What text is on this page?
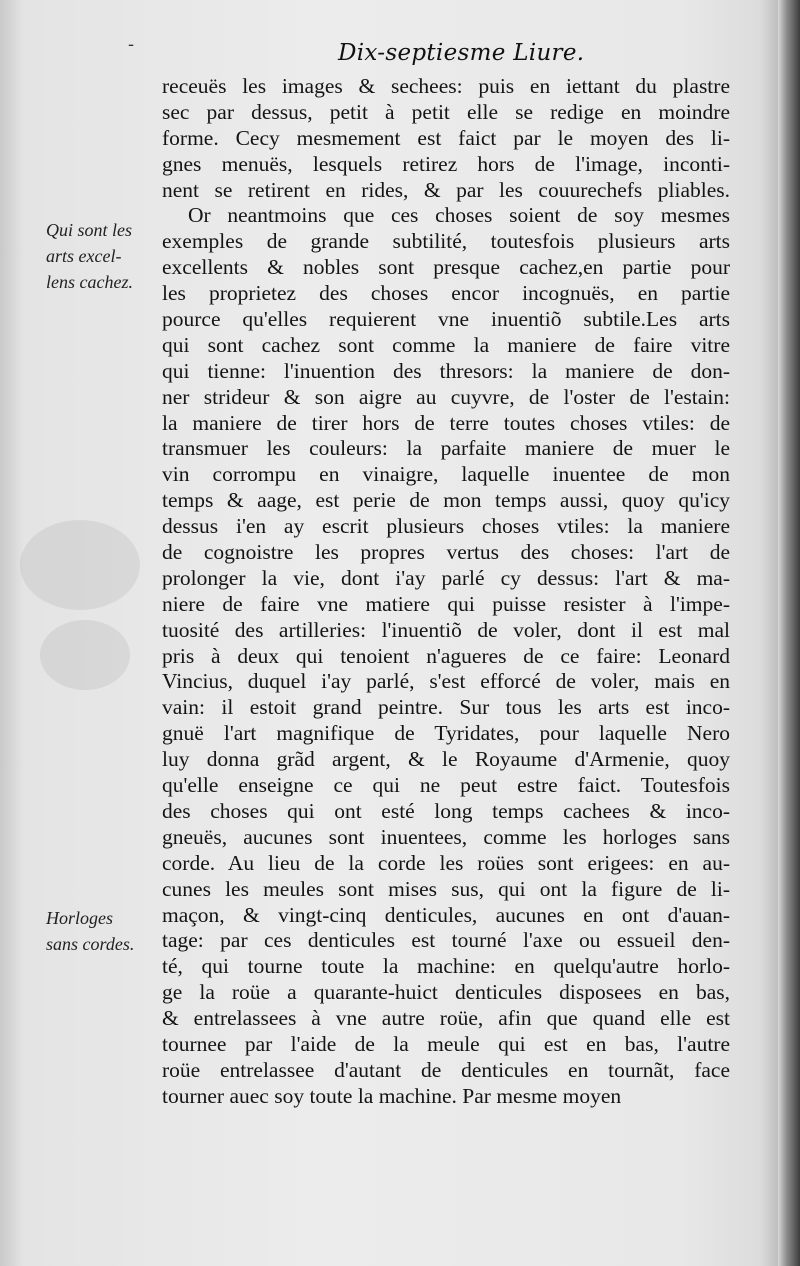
-	Dix-septiesme Liure.
Qui sont les
arts excel-
lens cachez.
Horloges
sans cordes.
receuës les images & sechees: puis en iettant du plastre
sec par dessus, petit à petit elle se redige en moindre
forme. Cecy mesmement est faict par le moyen des li-
gnes menuës, lesquels retirez hors de l'image, inconti-
nent se retirent en rides, & par les couurechefs pliables.
Or neantmoins que ces choses soient de soy mesmes
exemples de grande subtilité, toutesfois plusieurs arts
excellents & nobles sont presque cachez,en partie pour
les proprietez des choses encor incognuës, en partie
pource qu'elles requierent vne inuentiõ subtile.Les arts
qui sont cachez sont comme la maniere de faire vitre
qui tienne: l'inuention des thresors: la maniere de don-
ner strideur & son aigre au cuyvre, de l'oster de l'estain:
la maniere de tirer hors de terre toutes choses vtiles: de
transmuer les couleurs: la parfaite maniere de muer le
vin corrompu en vinaigre, laquelle inuentee de mon
temps & aage, est perie de mon temps aussi, quoy qu'icy
dessus i'en ay escrit plusieurs choses vtiles: la maniere
de cognoistre les propres vertus des choses: l'art de
prolonger la vie, dont i'ay parlé cy dessus: l'art & ma-
niere de faire vne matiere qui puisse resister à l'impe-
tuosité des artilleries: l'inuentiõ de voler, dont il est mal
pris à deux qui tenoient n'agueres de ce faire: Leonard
Vincius, duquel i'ay parlé, s'est efforcé de voler, mais en
vain: il estoit grand peintre. Sur tous les arts est inco-
gnuë l'art magnifique de Tyridates, pour laquelle Nero
luy donna grãd argent, & le Royaume d'Armenie, quoy
qu'elle enseigne ce qui ne peut estre faict. Toutesfois
des choses qui ont esté long temps cachees & inco-
gneuës, aucunes sont inuentees, comme les horloges sans
corde. Au lieu de la corde les roües sont erigees: en au-
cunes les meules sont mises sus, qui ont la figure de li-
maçon, & vingt-cinq denticules, aucunes en ont d'auan-
tage: par ces denticules est tourné l'axe ou essueil den-
té, qui tourne toute la machine: en quelqu'autre horlo-
ge la roüe a quarante-huict denticules disposees en bas,
& entrelassees à vne autre roüe, afin que quand elle est
tournee par l'aide de la meule qui est en bas, l'autre
roüe entrelassee d'autant de denticules en tournãt, face
tourner auec soy toute la machine. Par mesme moyen
